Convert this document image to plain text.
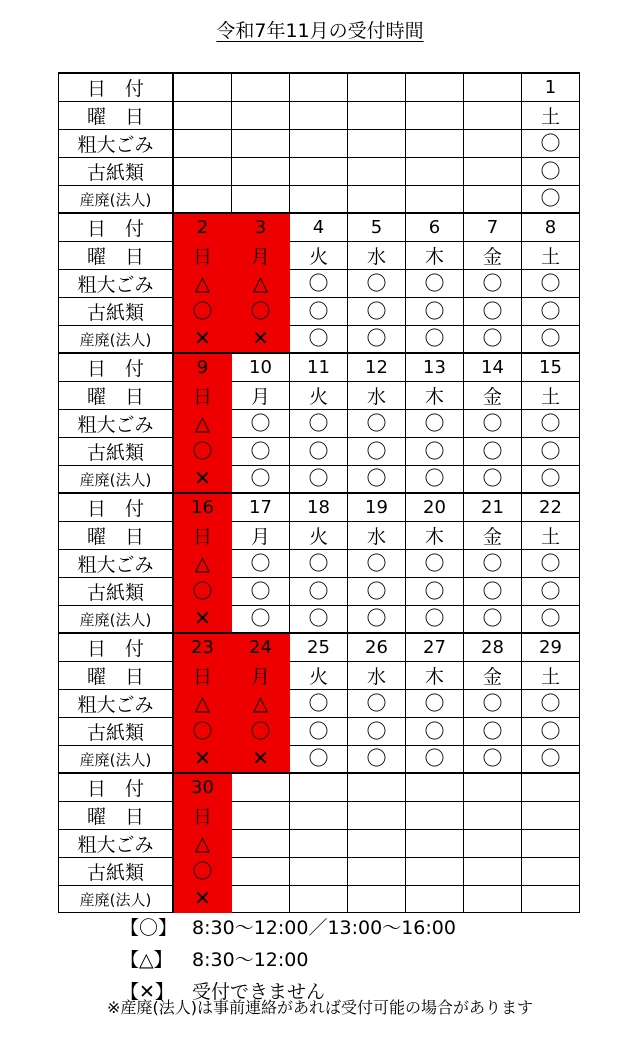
令和7年11月の受付時間
日　付							1
曜　日							土
粗大ごみ							〇
古紙類							〇
産廃(法人)							〇
日　付	2	3	4	5	6	7	8
曜　日	日	月	火	水	木	金	土
粗大ごみ	△	△	〇	〇	〇	〇	〇
古紙類	〇	〇	〇	〇	〇	〇	〇
産廃(法人)	✕	✕	〇	〇	〇	〇	〇
日　付	9	10	11	12	13	14	15
曜　日	日	月	火	水	木	金	土
粗大ごみ	△	〇	〇	〇	〇	〇	〇
古紙類	〇	〇	〇	〇	〇	〇	〇
産廃(法人)	✕	〇	〇	〇	〇	〇	〇
日　付	16	17	18	19	20	21	22
曜　日	日	月	火	水	木	金	土
粗大ごみ	△	〇	〇	〇	〇	〇	〇
古紙類	〇	〇	〇	〇	〇	〇	〇
産廃(法人)	✕	〇	〇	〇	〇	〇	〇
日　付	23	24	25	26	27	28	29
曜　日	日	月	火	水	木	金	土
粗大ごみ	△	△	〇	〇	〇	〇	〇
古紙類	〇	〇	〇	〇	〇	〇	〇
産廃(法人)	✕	✕	〇	〇	〇	〇	〇
日　付	30						
曜　日	日						
粗大ごみ	△						
古紙類	〇						
産廃(法人)	✕						
【〇】 8:30〜12:00／13:00〜16:00
【△】 8:30〜12:00
【✕】 受付できません
※産廃(法人)は事前連絡があれば受付可能の場合があります
